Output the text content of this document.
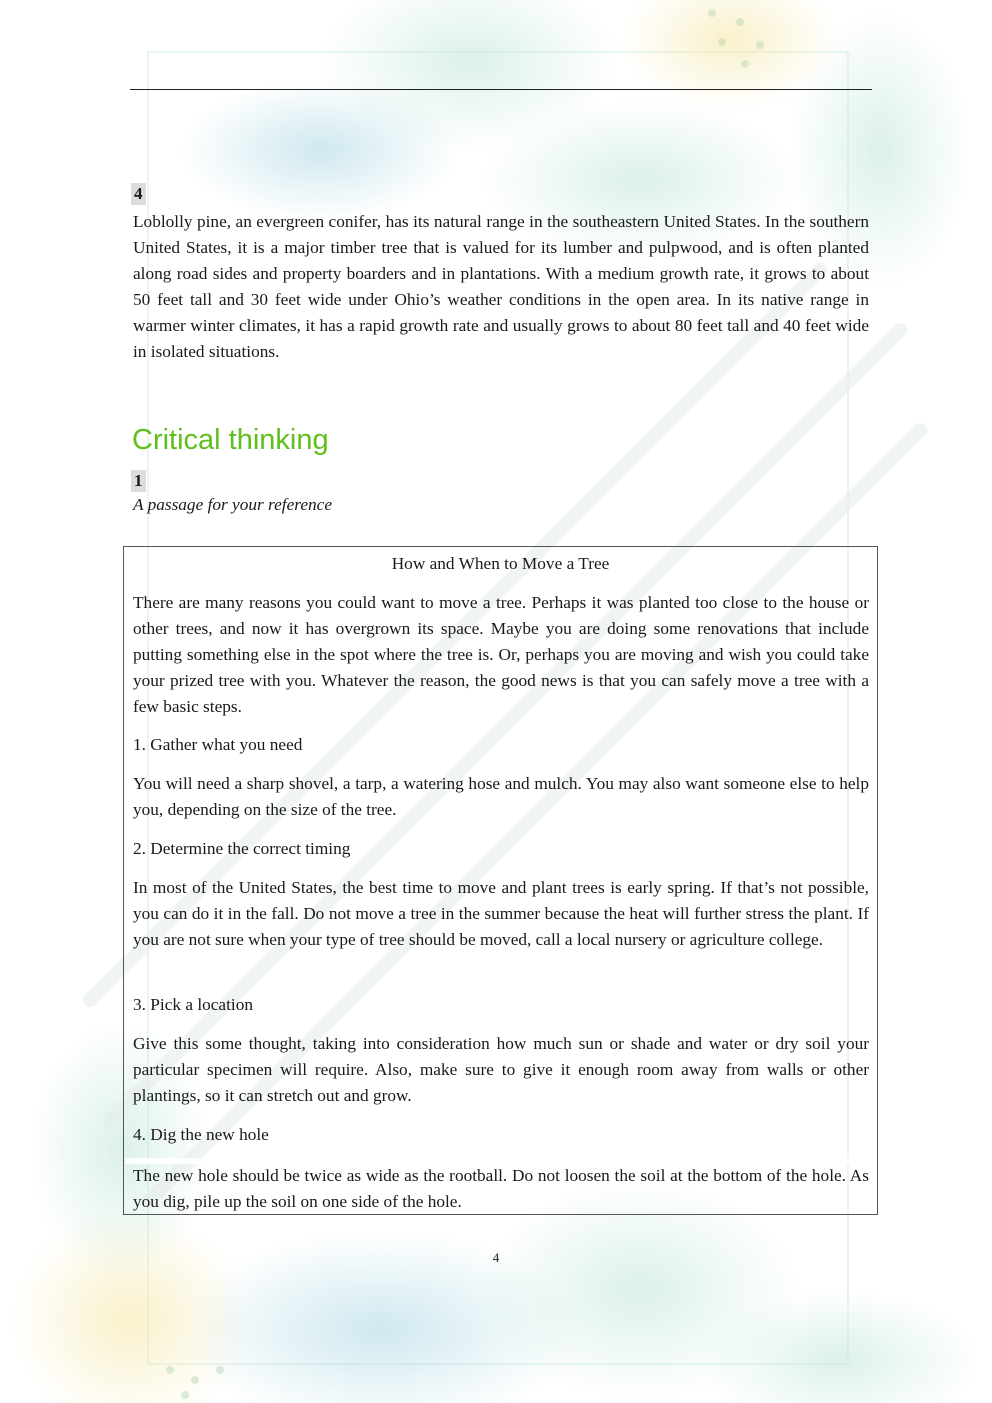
4

Loblolly pine, an evergreen conifer, has its natural range in the southeastern United States. In the southern United States, it is a major timber tree that is valued for its lumber and pulpwood, and is often planted along road sides and property boarders and in plantations. With a medium growth rate, it grows to about 50 feet tall and 30 feet wide under Ohio’s weather conditions in the open area. In its native range in warmer winter climates, it has a rapid growth rate and usually grows to about 80 feet tall and 40 feet wide in isolated situations.

Critical thinking
1

A passage for your reference

How and When to Move a Tree

There are many reasons you could want to move a tree. Perhaps it was planted too close to the house or other trees, and now it has overgrown its space. Maybe you are doing some renovations that include putting something else in the spot where the tree is. Or, perhaps you are moving and wish you could take your prized tree with you. Whatever the reason, the good news is that you can safely move a tree with a few basic steps.

1. Gather what you need

You will need a sharp shovel, a tarp, a watering hose and mulch. You may also want someone else to help you, depending on the size of the tree.

2. Determine the correct timing

In most of the United States, the best time to move and plant trees is early spring. If that’s not possible, you can do it in the fall. Do not move a tree in the summer because the heat will further stress the plant. If you are not sure when your type of tree should be moved, call a local nursery or agriculture college.

3. Pick a location

Give this some thought, taking into consideration how much sun or shade and water or dry soil your particular specimen will require. Also, make sure to give it enough room away from walls or other plantings, so it can stretch out and grow.

4. Dig the new hole

The new hole should be twice as wide as the rootball. Do not loosen the soil at the bottom of the hole. As you dig, pile up the soil on one side of the hole.

4
